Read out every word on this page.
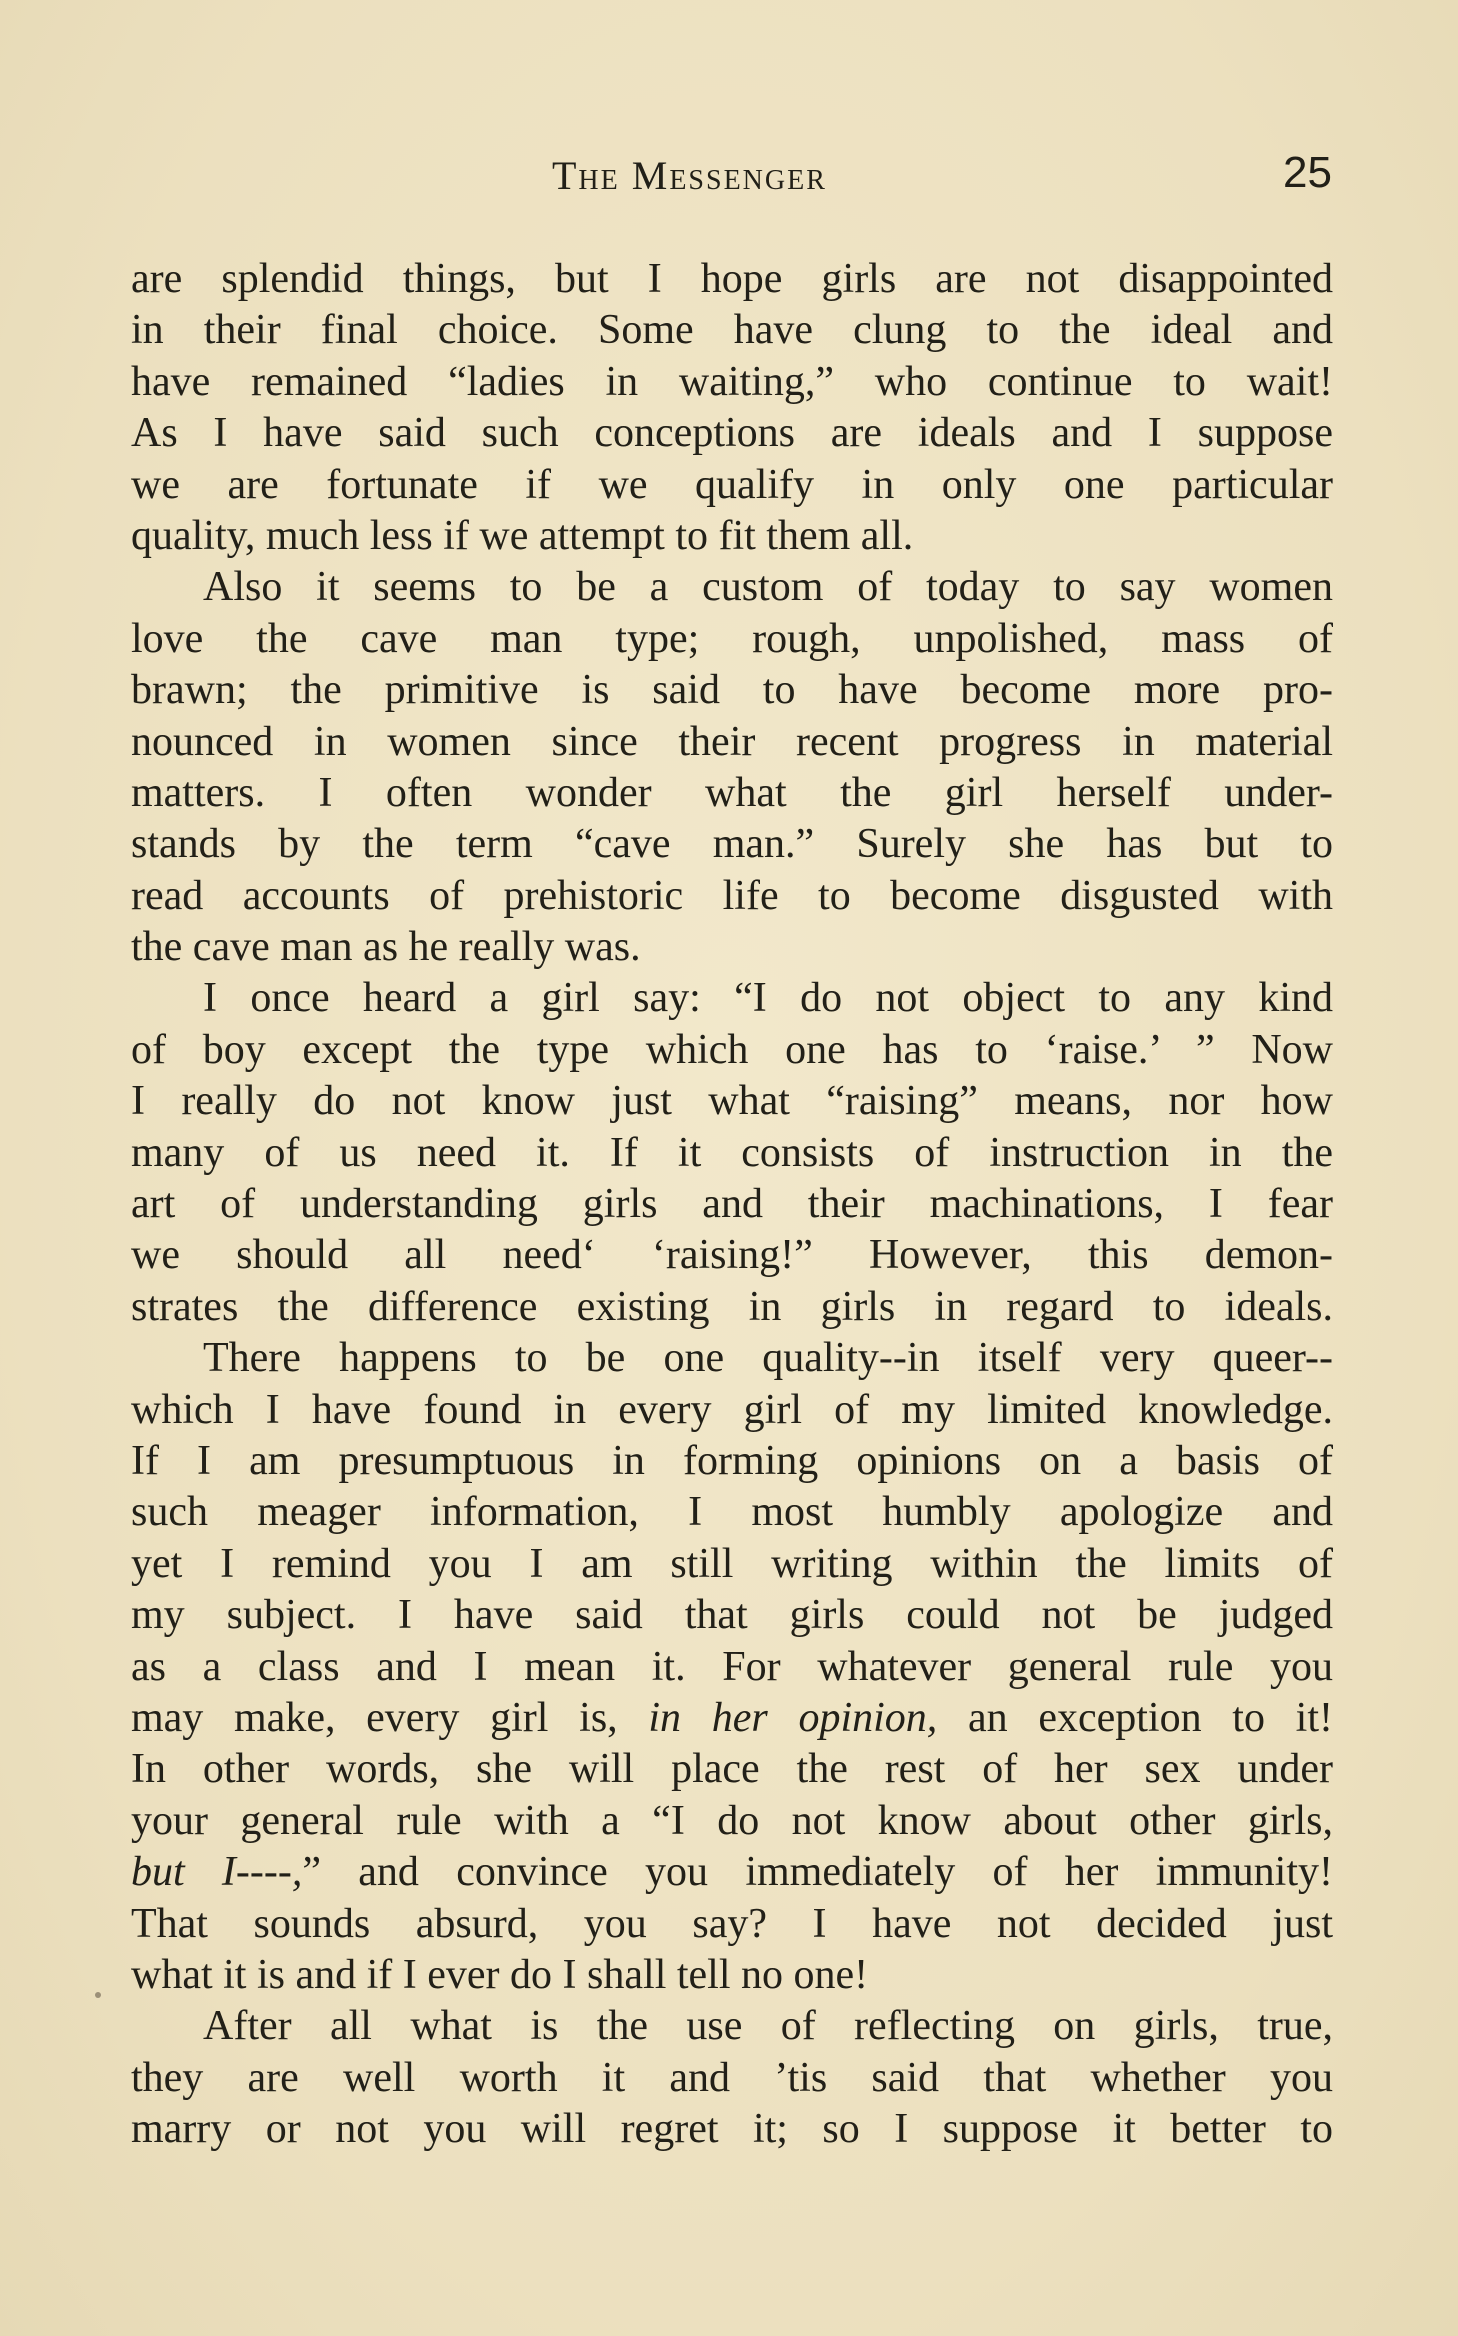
The Messenger	25
are splendid things, but I hope girls are not disappointed
in their final choice. Some have clung to the ideal and
have remained “ladies in waiting,” who continue to wait!
As I have said such conceptions are ideals and I suppose
we are fortunate if we qualify in only one particular
quality, much less if we attempt to fit them all.
Also it seems to be a custom of today to say women
love the cave man type; rough, unpolished, mass of
brawn; the primitive is said to have become more pro-
nounced in women since their recent progress in material
matters. I often wonder what the girl herself under-
stands by the term “cave man.” Surely she has but to
read accounts of prehistoric life to become disgusted with
the cave man as he really was.
I once heard a girl say: “I do not object to any kind
of boy except the type which one has to ‘raise.’ ” Now
I really do not know just what “raising” means, nor how
many of us need it. If it consists of instruction in the
art of understanding girls and their machinations, I fear
we should all need‘ ‘raising!” However, this demon-
strates the difference existing in girls in regard to ideals.
There happens to be one quality--in itself very queer--
which I have found in every girl of my limited knowledge.
If I am presumptuous in forming opinions on a basis of
such meager information, I most humbly apologize and
yet I remind you I am still writing within the limits of
my subject. I have said that girls could not be judged
as a class and I mean it. For whatever general rule you
may make, every girl is, in her opinion, an exception to it!
In other words, she will place the rest of her sex under
your general rule with a “I do not know about other girls,
but I----,” and convince you immediately of her immunity!
That sounds absurd, you say? I have not decided just
what it is and if I ever do I shall tell no one!
After all what is the use of reflecting on girls, true,
they are well worth it and ’tis said that whether you
marry or not you will regret it; so I suppose it better to
